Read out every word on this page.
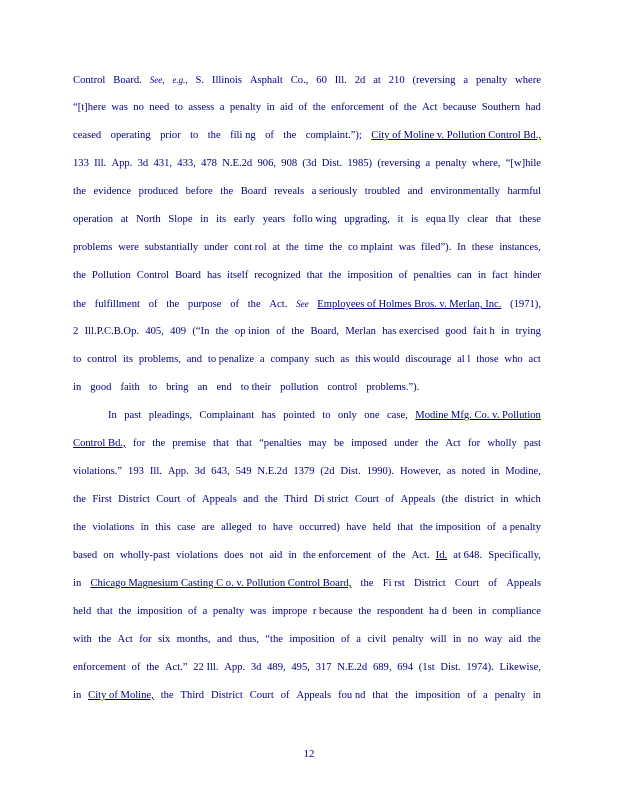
Control Board. See, e.g., S. Illinois Asphalt Co., 60 Ill. 2d at 210 (reversing a penalty where
“[t]here was no need to assess a penalty in aid of the enforcement of the Act because Southern had
ceased operating prior to the fili ng of the complaint.”); City of Moline v. Pollution Control Bd.,
133 Ill. App. 3d 431, 433, 478 N.E.2d 906, 908 (3d Dist. 1985) (reversing a penalty where, “[w]hile
the evidence produced before the Board reveals a seriously troubled and environmentally harmful
operation at North Slope in its early years follo wing upgrading, it is equa lly clear that these
problems were substantially under cont rol at the time the co mplaint was filed”). In these instances,
the Pollution Control Board has itself recognized that the imposition of penalties can in fact hinder
the fulfillment of the purpose of the Act. See Employees of Holmes Bros. v. Merlan, Inc. (1971),
2 Ill.P.C.B.Op. 405, 409 (“In the op inion of the Board, Merlan has exercised good fait h in trying
to control its problems, and to penalize a company such as this would discourage al l those who act
in good faith to bring an end to their pollution control problems.”).
In past pleadings, Complainant has pointed to only one case, Modine Mfg. Co. v. Pollution
Control Bd., for the premise that that “penalties may be imposed under the Act for wholly past
violations.” 193 Ill. App. 3d 643, 549 N.E.2d 1379 (2d Dist. 1990). However, as noted in Modine,
the First District Court of Appeals and the Third Di strict Court of Appeals (the district in which
the violations in this case are alleged to have occurred) have held that the imposition of a penalty
based on wholly-past violations does not aid in the enforcement of the Act. Id. at 648. Specifically,
in Chicago Magnesium Casting C o. v. Pollution Control Board, the Fi rst District Court of Appeals
held that the imposition of a penalty was imprope r because the respondent ha d been in compliance
with the Act for six months, and thus, “the imposition of a civil penalty will in no way aid the
enforcement of the Act.” 22 Ill. App. 3d 489, 495, 317 N.E.2d 689, 694 (1st Dist. 1974). Likewise,
in City of Moline, the Third District Court of Appeals fou nd that the imposition of a penalty in
12
